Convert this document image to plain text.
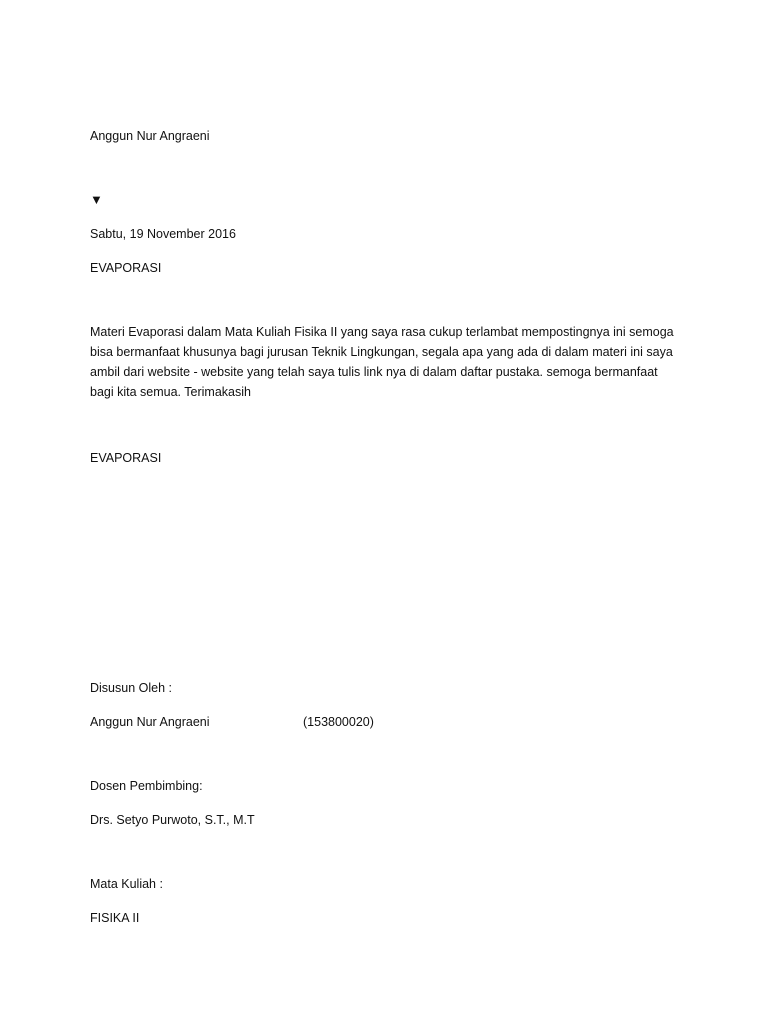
Anggun Nur Angraeni
▼
Sabtu, 19 November 2016
EVAPORASI
Materi Evaporasi dalam Mata Kuliah Fisika II yang saya rasa cukup terlambat mempostingnya ini semoga
bisa bermanfaat khusunya bagi jurusan Teknik Lingkungan, segala apa yang ada di dalam materi ini saya
ambil dari website - website yang telah saya tulis link nya di dalam daftar pustaka. semoga bermanfaat
bagi kita semua. Terimakasih
EVAPORASI
Disusun Oleh :
Anggun Nur Angraeni	(153800020)
Dosen Pembimbing:
Drs. Setyo Purwoto, S.T., M.T
Mata Kuliah :
FISIKA II
